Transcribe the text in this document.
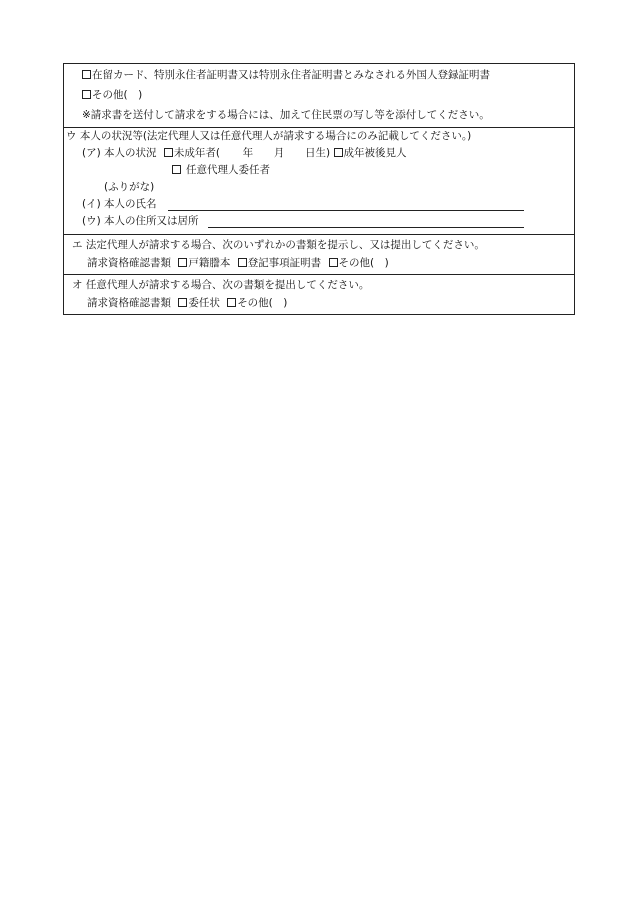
在留カード、特別永住者証明書又は特別永住者証明書とみなされる外国人登録証明書
その他(　)
※請求書を送付して請求をする場合には、加えて住民票の写し等を添付してください。
ウ 本人の状況等(法定代理人又は任意代理人が請求する場合にのみ記載してください。)
(ア) 本人の状況 未成年者( 年 月 日生) 成年被後見人
任意代理人委任者
(ふりがな)
(イ) 本人の氏名
(ウ) 本人の住所又は居所
エ 法定代理人が請求する場合、次のいずれかの書類を提示し、又は提出してください。
請求資格確認書類 戸籍謄本 登記事項証明書 その他(　)
オ 任意代理人が請求する場合、次の書類を提出してください。
請求資格確認書類 委任状 その他(　)
